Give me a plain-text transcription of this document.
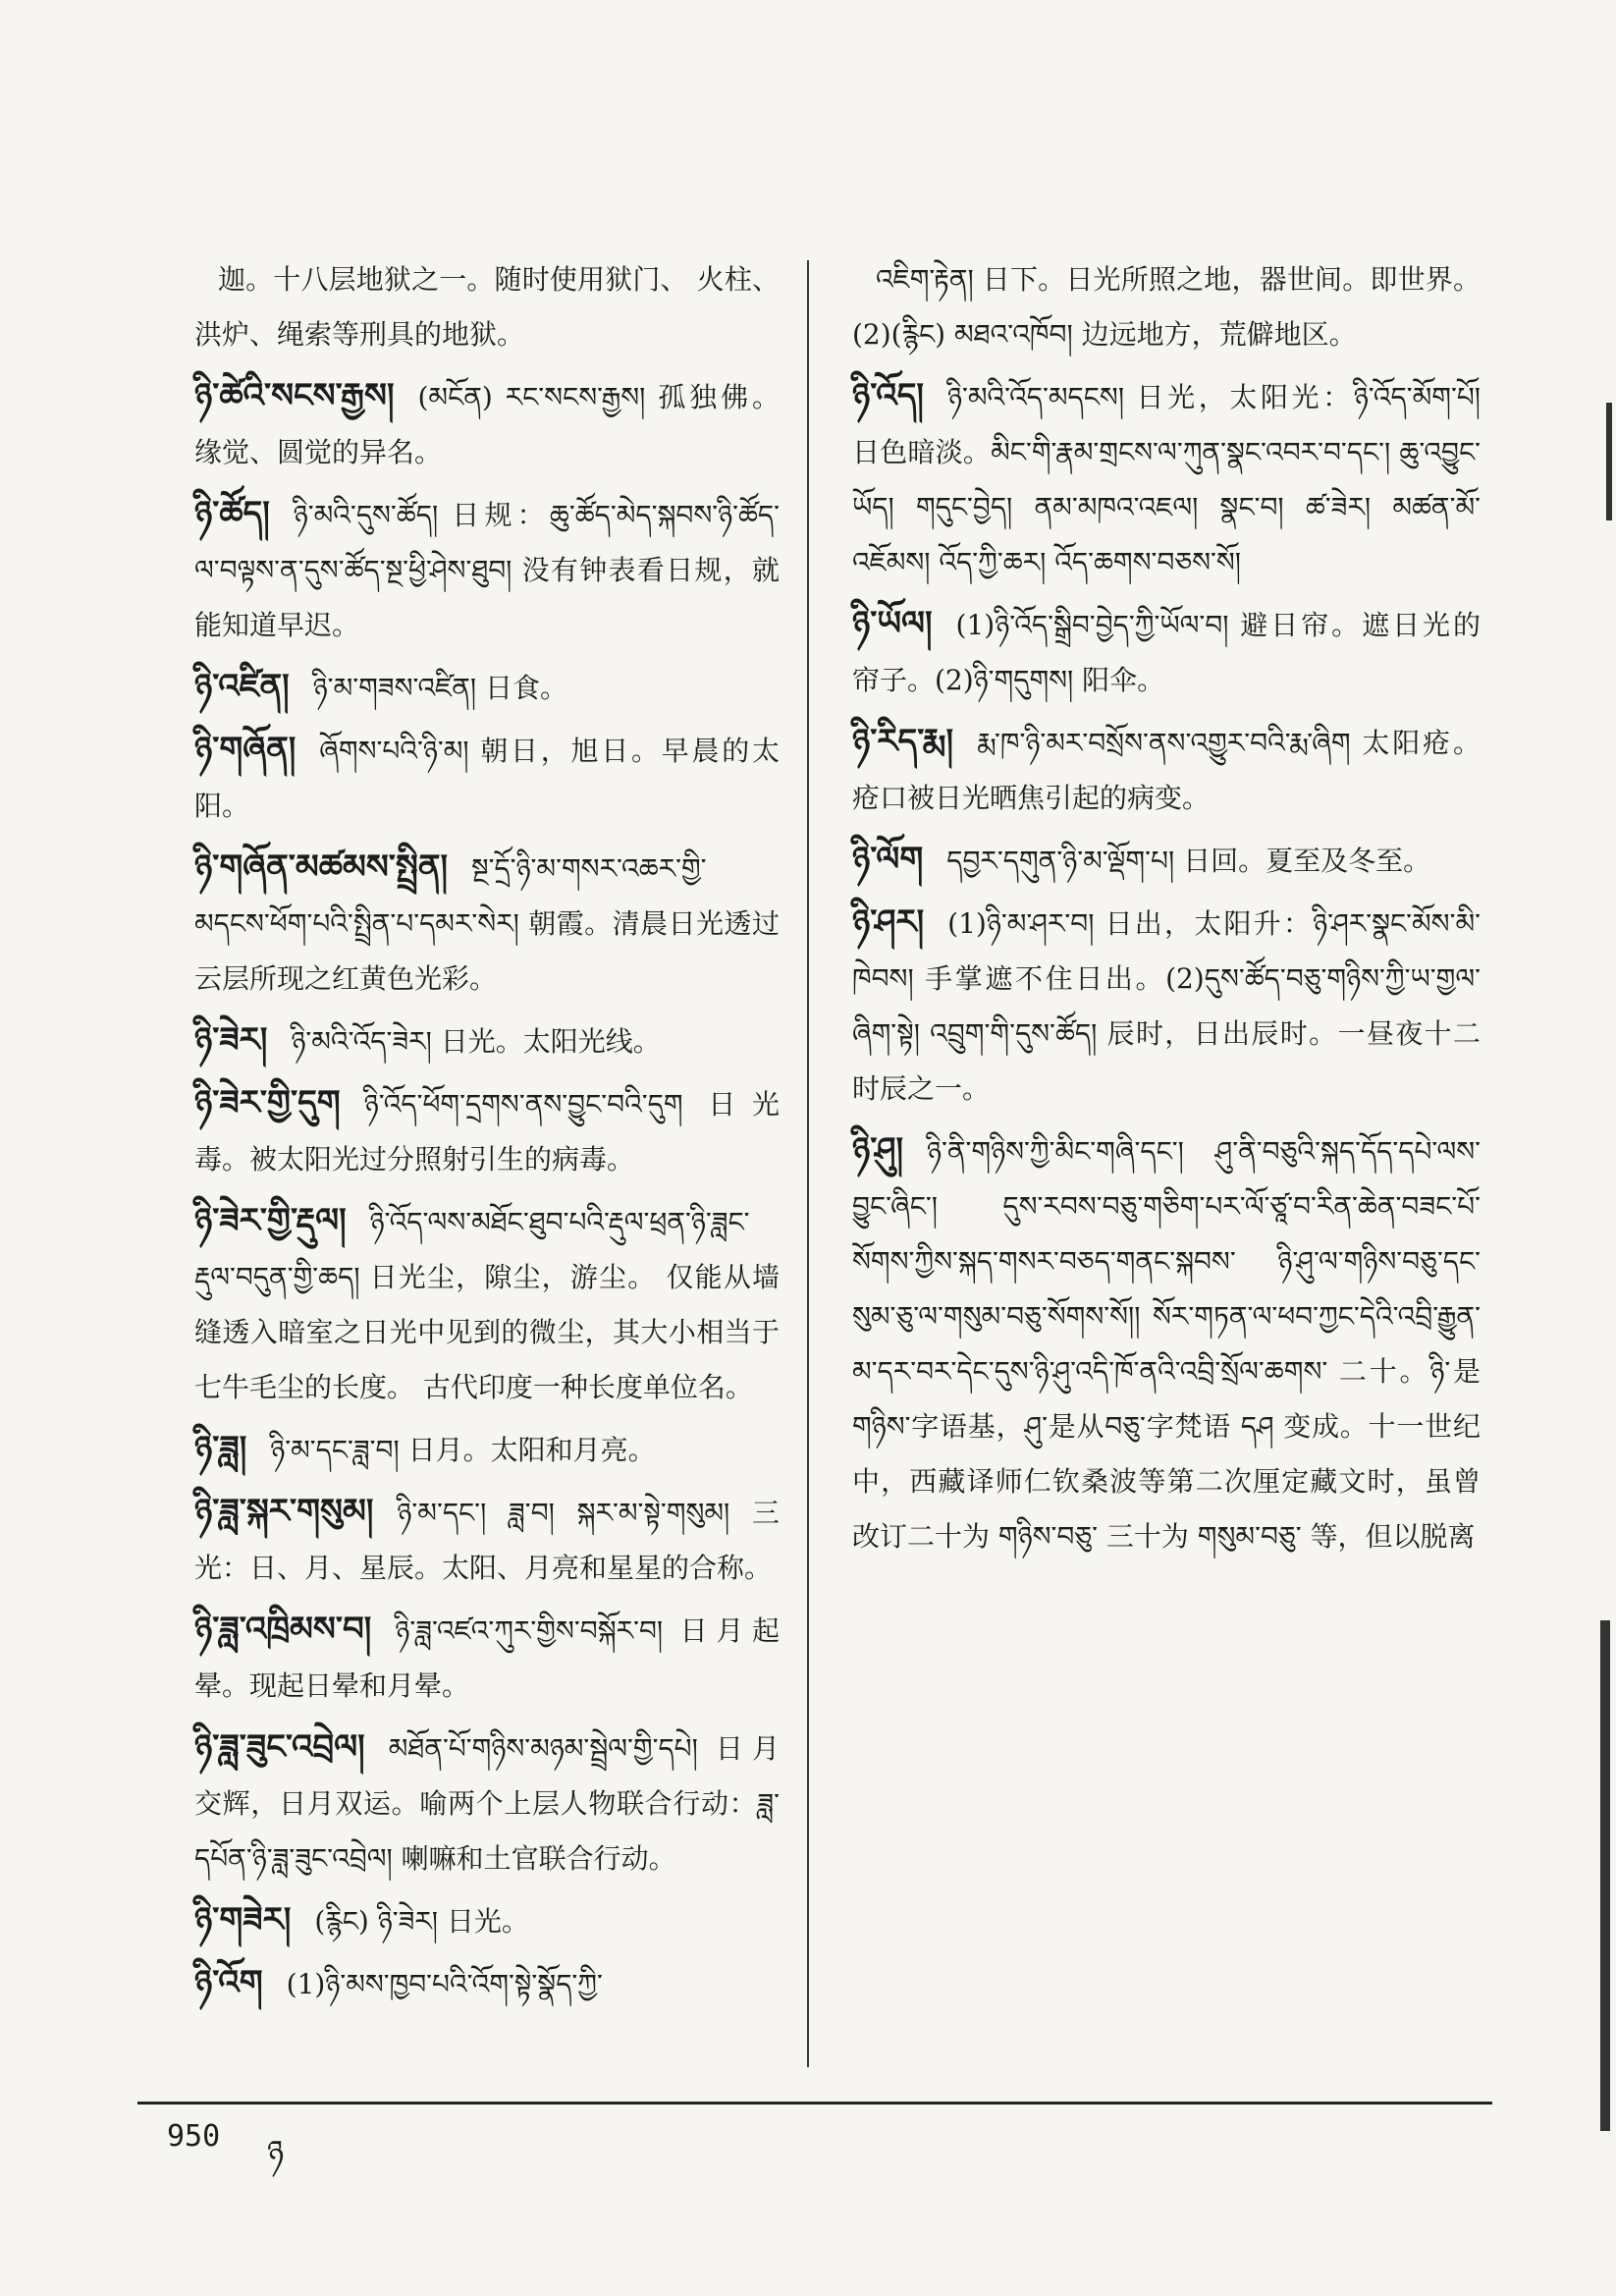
迦。十八层地狱之一。随时使用狱门、 火柱、洪炉、绳索等刑具的地狱。
ཉི་ཚེའི་སངས་རྒྱས། (མངོན) རང་སངས་རྒྱས། 孤独佛。缘觉、圆觉的异名。
ཉི་ཚོད། ཉི་མའི་དུས་ཚོད། 日规：ཆུ་ཚོད་མེད་སྐབས་ཉི་ཚོད་ལ་བལྟས་ན་དུས་ཚོད་སྔ་ཕྱི་ཤེས་ཐུབ། 没有钟表看日规，就能知道早迟。
ཉི་འཛིན། ཉི་མ་གཟས་འཛིན། 日食。
ཉི་གཞོན། ཞོགས་པའི་ཉི་མ། 朝日，旭日。早晨的太阳。
ཉི་གཞོན་མཚམས་སྤྲིན། སྔ་དྲོ་ཉི་མ་གསར་འཆར་གྱི་མདངས་ཕོག་པའི་སྤྲིན་པ་དམར་སེར། 朝霞。清晨日光透过云层所现之红黄色光彩。
ཉི་ཟེར། ཉི་མའི་འོད་ཟེར། 日光。太阳光线。
ཉི་ཟེར་གྱི་དུག ཉི་འོད་ཕོག་དྲགས་ནས་བྱུང་བའི་དུག 日光毒。被太阳光过分照射引生的病毒。
ཉི་ཟེར་གྱི་རྡུལ། ཉི་འོད་ལས་མཐོང་ཐུབ་པའི་རྡུལ་ཕྲན་ཉི་ཟླང་རྡུལ་བདུན་གྱི་ཆད། 日光尘，隙尘，游尘。 仅能从墙缝透入暗室之日光中见到的微尘，其大小相当于七牛毛尘的长度。 古代印度一种长度单位名。
ཉི་ཟླ། ཉི་མ་དང་ཟླ་བ། 日月。太阳和月亮。
ཉི་ཟླ་སྐར་གསུམ། ཉི་མ་དང་། ཟླ་བ། སྐར་མ་སྟེ་གསུམ། 三光：日、月、星辰。太阳、月亮和星星的合称。
ཉི་ཟླ་འཁྲིམས་བ། ཉི་ཟླ་འཛའ་ཀུར་གྱིས་བསྐོར་བ། 日月起晕。现起日晕和月晕。
ཉི་ཟླ་ཟུང་འབྲེལ། མཐོན་པོ་གཉིས་མཉམ་སྦྲེལ་གྱི་དཔེ། 日月交辉，日月双运。喻两个上层人物联合行动：ཟླ་དཔོན་ཉི་ཟླ་ཟུང་འབྲེལ། 喇嘛和土官联合行动。
ཉི་གཟེར། (རྙིང) ཉི་ཟེར། 日光。
ཉི་འོག (1)ཉི་མས་ཁྱབ་པའི་འོག་སྟེ་སྣོད་ཀྱི་
འཇིག་རྟེན། 日下。日光所照之地，器世间。即世界。(2)(རྙིང) མཐའ་འཁོབ། 边远地方，荒僻地区。
ཉི་འོད། ཉི་མའི་འོད་མདངས། 日光，太阳光：ཉི་འོད་མོག་པོ། 日色暗淡。མིང་གི་རྣམ་གྲངས་ལ་ཀུན་སྣང་འབར་བ་དང་། ཆུ་འབྱུང་ཡོད། གདུང་བྱེད། ནམ་མཁའ་འཇལ། སྣང་བ། ཚ་ཟེར། མཚན་མོ་འཇོམས། འོད་ཀྱི་ཆར། འོད་ཆགས་བཅས་སོ།
ཉི་ཡོལ། (1)ཉི་འོད་སྒྲིབ་བྱེད་ཀྱི་ཡོལ་བ། 避日帘。遮日光的帘子。(2)ཉི་གདུགས། 阳伞。
ཉི་རིད་རྨ། རྨ་ཁ་ཉི་མར་བསྲོས་ནས་འགྱུར་བའི་རྨ་ཞིག 太阳疮。疮口被日光晒焦引起的病变。
ཉི་ལོག དབྱར་དགུན་ཉི་མ་ལྡོག་པ། 日回。夏至及冬至。
ཉི་ཤར། (1)ཉི་མ་ཤར་བ། 日出，太阳升：ཉི་ཤར་སྣང་མོས་མི་ཁེབས། 手掌遮不住日出。(2)དུས་ཚོད་བཅུ་གཉིས་ཀྱི་ཡ་གྱལ་ཞིག་སྟེ། འབྲུག་གི་དུས་ཚོད། 辰时，日出辰时。一昼夜十二时辰之一。
ཉི་ཤུ། ཉི་ནི་གཉིས་ཀྱི་མིང་གཞི་དང་། ཤུ་ནི་བཅུའི་སྐད་དོད་དཔེ་ལས་བྱུང་ཞིང་། དུས་རབས་བཅུ་གཅིག་པར་ལོ་ཙཱ་བ་རིན་ཆེན་བཟང་པོ་སོགས་ཀྱིས་སྐད་གསར་བཅད་གནང་སྐབས་ ཉི་ཤུ་ལ་གཉིས་བཅུ་དང་སུམ་ཅུ་ལ་གསུམ་བཅུ་སོགས་སོ།། སོར་གཏན་ལ་ཕབ་ཀྱང་དེའི་འབྲི་རྒྱུན་མ་དར་བར་དེང་དུས་ཉི་ཤུ་འདི་ཁོ་ནའི་འབྲི་སྲོལ་ཆགས་ 二十。ཉི་是གཉིས་字语基，ཤུ་是从བཅུ་字梵语 དཤ 变成。十一世纪中，西藏译师仁钦桑波等第二次厘定藏文时，虽曾改订二十为 གཉིས་བཅུ་ 三十为 གསུམ་བཅུ་ 等，但以脱离
950 ཉ
